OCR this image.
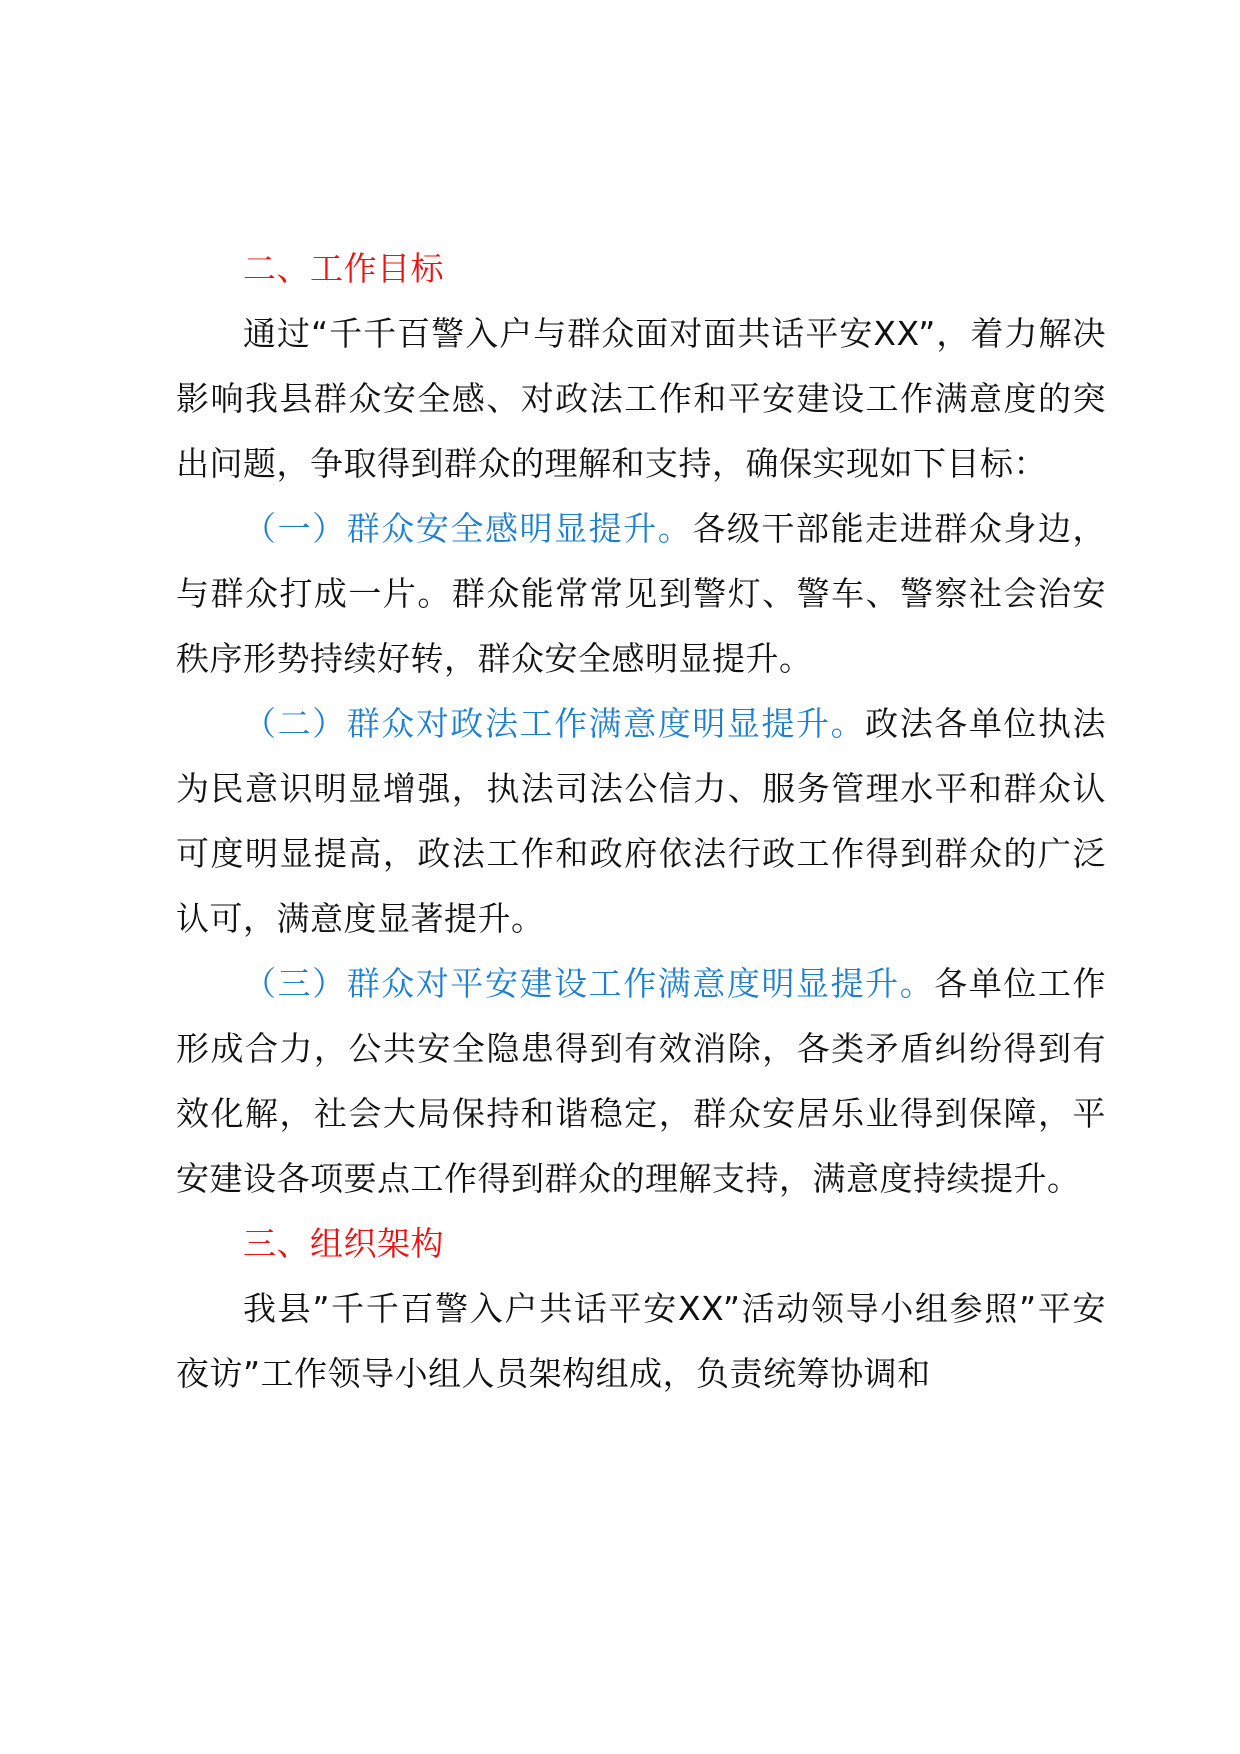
二、工作目标

通过“千千百警入户与群众面对面共话平安XX”，着力解决影响我县群众安全感、对政法工作和平安建设工作满意度的突出问题，争取得到群众的理解和支持，确保实现如下目标：

（一）群众安全感明显提升。各级干部能走进群众身边，与群众打成一片。群众能常常见到警灯、警车、警察社会治安秩序形势持续好转，群众安全感明显提升。

（二）群众对政法工作满意度明显提升。政法各单位执法为民意识明显增强，执法司法公信力、服务管理水平和群众认可度明显提高，政法工作和政府依法行政工作得到群众的广泛认可，满意度显著提升。

（三）群众对平安建设工作满意度明显提升。各单位工作形成合力，公共安全隐患得到有效消除，各类矛盾纠纷得到有效化解，社会大局保持和谐稳定，群众安居乐业得到保障，平安建设各项要点工作得到群众的理解支持，满意度持续提升。

三、组织架构

我县”千千百警入户共话平安XX”活动领导小组参照”平安夜访”工作领导小组人员架构组成，负责统筹协调和
